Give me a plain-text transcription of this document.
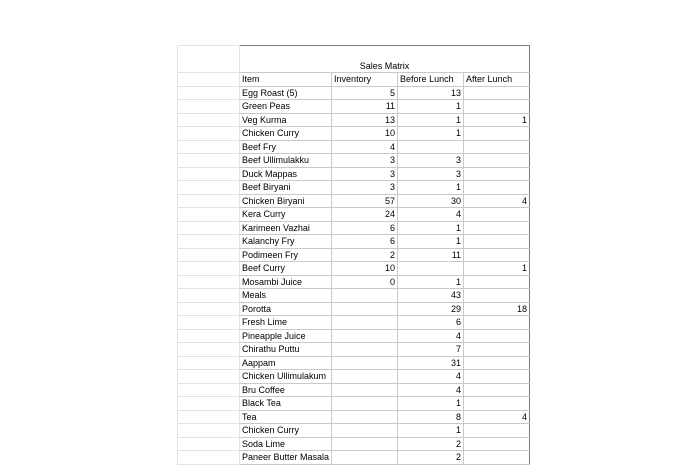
	Sales Matrix			
	Item	Inventory	Before Lunch	After Lunch
	Egg Roast (5)	5	13	
	Green Peas	11	1	
	Veg Kurma	13	1	1
	Chicken Curry	10	1	
	Beef Fry	4		
	Beef Ullimulakku	3	3	
	Duck Mappas	3	3	
	Beef Biryani	3	1	
	Chicken Biryani	57	30	4
	Kera Curry	24	4	
	Karimeen Vazhai	6	1	
	Kalanchy Fry	6	1	
	Podimeen Fry	2	11	
	Beef Curry	10		1
	Mosambi Juice	0	1	
	Meals		43	
	Porotta		29	18
	Fresh Lime		6	
	Pineapple Juice		4	
	Chirathu Puttu		7	
	Aappam		31	
	Chicken Ullimulakum		4	
	Bru Coffee		4	
	Black Tea		1	
	Tea		8	4
	Chicken Curry		1	
	Soda Lime		2	
	Paneer Butter Masala		2	
